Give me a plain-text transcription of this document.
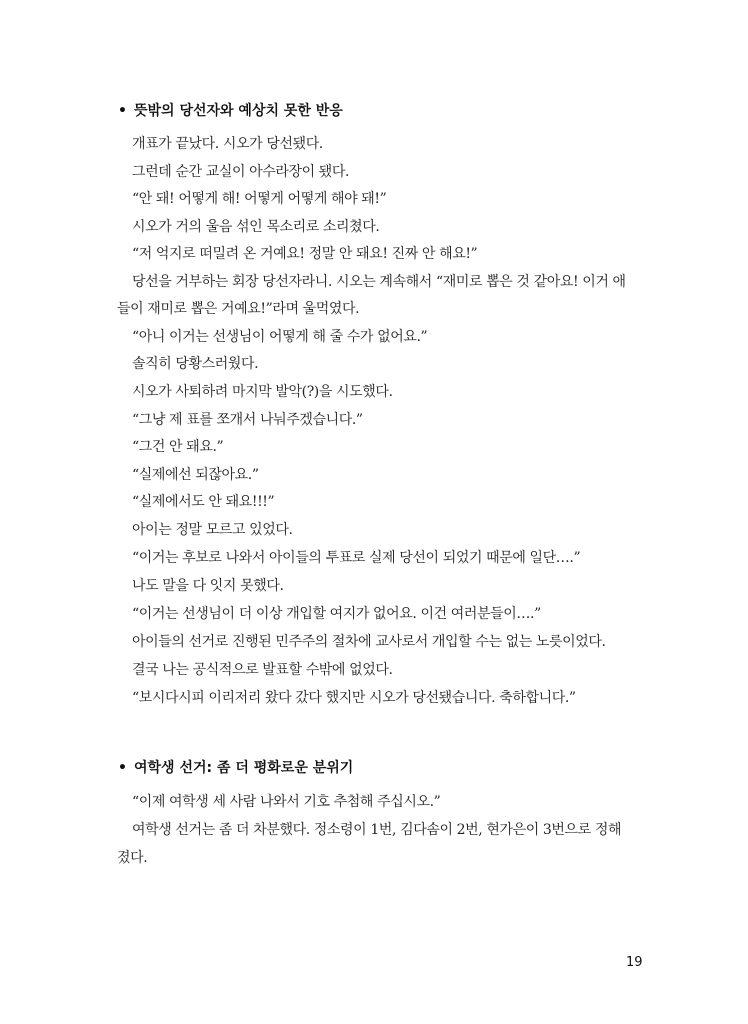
• 뜻밖의 당선자와 예상치 못한 반응
개표가 끝났다. 시오가 당선됐다.
그런데 순간 교실이 아수라장이 됐다.
“안 돼! 어떻게 해! 어떻게 어떻게 해야 돼!”
시오가 거의 울음 섞인 목소리로 소리쳤다.
“저 억지로 떠밀려 온 거예요! 정말 안 돼요! 진짜 안 해요!”
당선을 거부하는 회장 당선자라니. 시오는 계속해서 “재미로 뽑은 것 같아요! 이거 애
들이 재미로 뽑은 거예요!”라며 울먹였다.
“아니 이거는 선생님이 어떻게 해 줄 수가 없어요.”
솔직히 당황스러웠다.
시오가 사퇴하려 마지막 발악(?)을 시도했다.
“그냥 제 표를 쪼개서 나눠주겠습니다.”
“그건 안 돼요.”
“실제에선 되잖아요.”
“실제에서도 안 돼요!!!”
아이는 정말 모르고 있었다.
“이거는 후보로 나와서 아이들의 투표로 실제 당선이 되었기 때문에 일단….”
나도 말을 다 잇지 못했다.
“이거는 선생님이 더 이상 개입할 여지가 없어요. 이건 여러분들이….”
아이들의 선거로 진행된 민주주의 절차에 교사로서 개입할 수는 없는 노릇이었다.
결국 나는 공식적으로 발표할 수밖에 없었다.
“보시다시피 이리저리 왔다 갔다 했지만 시오가 당선됐습니다. 축하합니다.”
• 여학생 선거: 좀 더 평화로운 분위기
“이제 여학생 세 사람 나와서 기호 추첨해 주십시오.”
여학생 선거는 좀 더 차분했다. 정소령이 1번, 김다솜이 2번, 현가은이 3번으로 정해
졌다.
19
